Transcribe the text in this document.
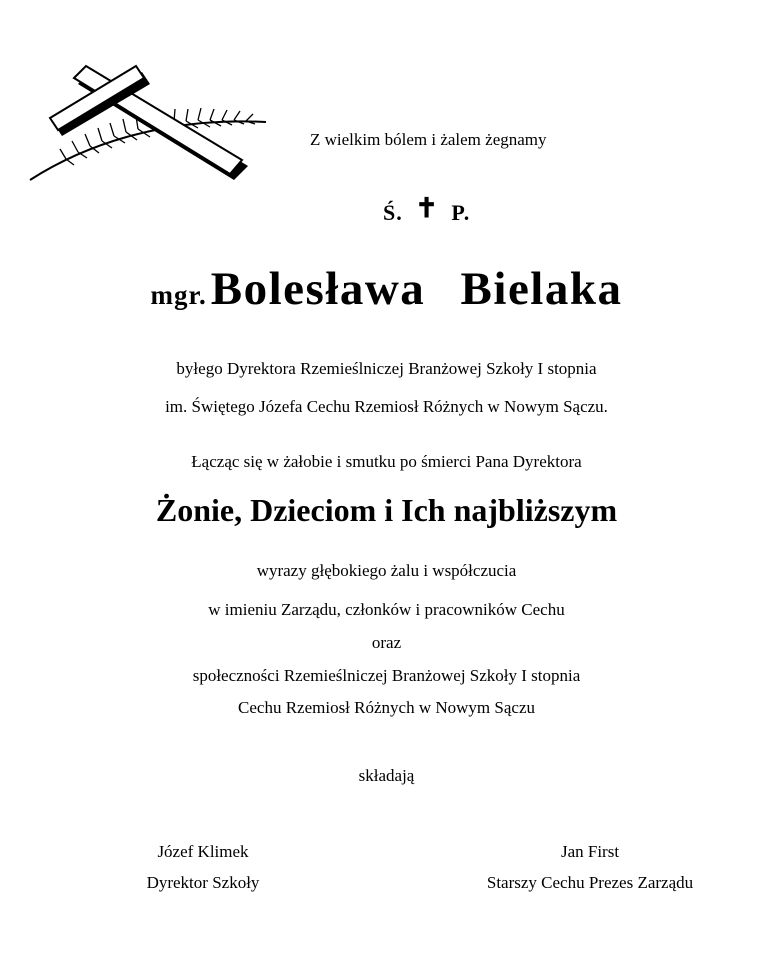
Z wielkim bólem i żalem żegnamy
Ś. ✝ P.
mgr. Bolesława Bielaka
byłego Dyrektora Rzemieślniczej Branżowej Szkoły I stopnia
im. Świętego Józefa Cechu Rzemiosł Różnych w Nowym Sączu.
Łącząc się w żałobie i smutku po śmierci Pana Dyrektora
Żonie, Dzieciom i Ich najbliższym
wyrazy głębokiego żalu i współczucia
w imieniu Zarządu, członków i pracowników Cechu
oraz
społeczności Rzemieślniczej Branżowej Szkoły I stopnia
Cechu Rzemiosł Różnych w Nowym Sączu
składają
Józef Klimek
Dyrektor Szkoły
Jan First
Starszy Cechu Prezes Zarządu
